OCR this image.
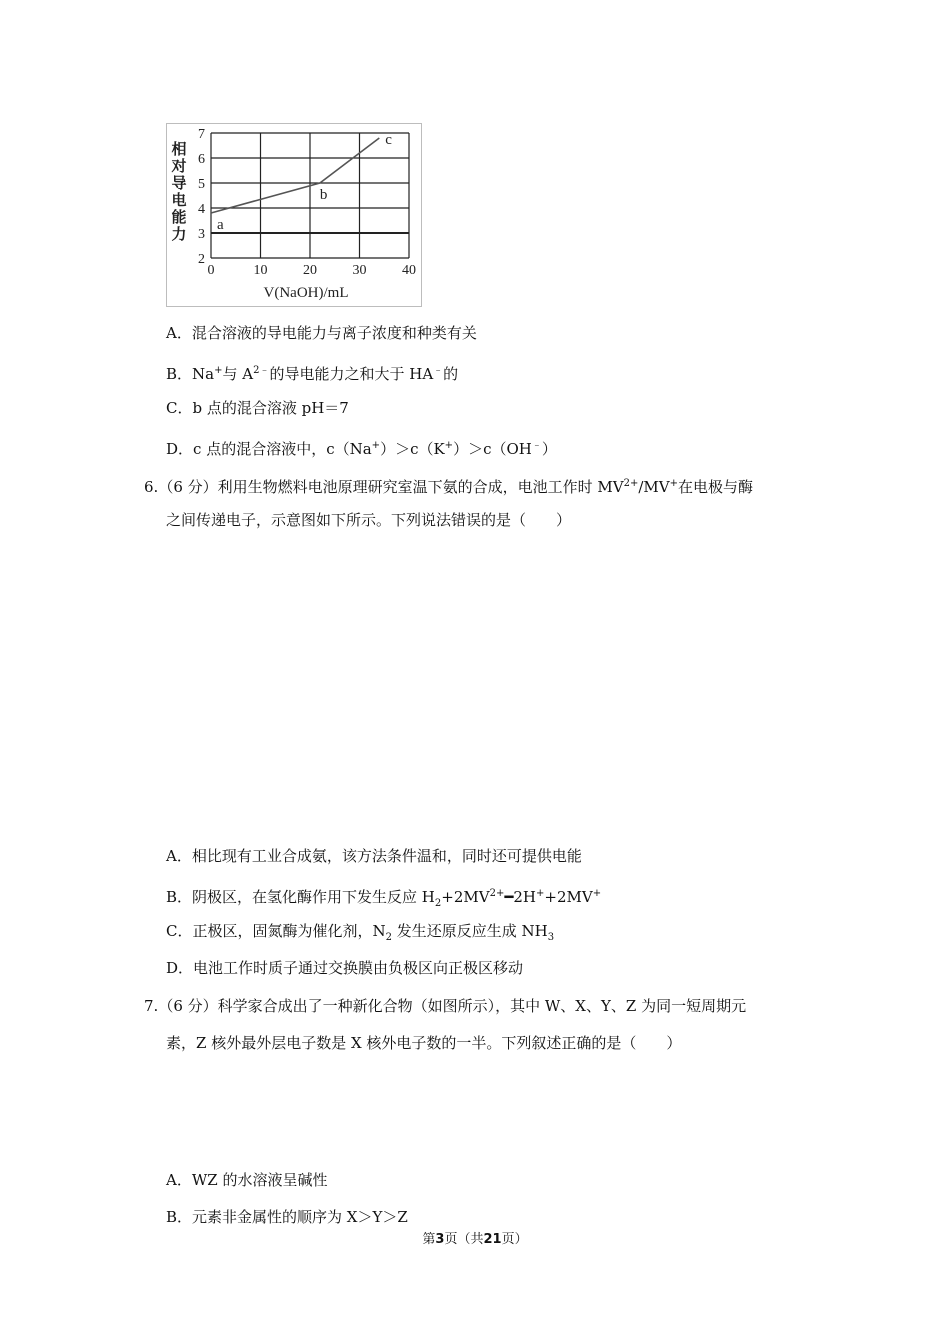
0	10	20	30	40
2
3
4
5
6
7
V(NaOH)/mL
相对导电能力 a
b
c
A．混合溶液的导电能力与离子浓度和种类有关
B．Na+与 $A^{2﹣}$的导电能力之和大于 HA﹣的
C．b 点的混合溶液 pH＝7
D．c 点的混合溶液中，c（Na+）＞c（K+）＞c（OH﹣）
6.（6 分）利用生物燃料电池原理研究室温下氨的合成，电池工作时 $MV^{2+}/MV^+$在电极与酶
之间传递电子，示意图如下所示。下列说法错误的是（　　）
A．相比现有工业合成氨，该方法条件温和，同时还可提供电能
B．阴极区，在氢化酶作用下发生反应 $H_2+2MV^{2+}━2H^++2MV^+$
C．正极区，固氮酶为催化剂，$N_2$ 发生还原反应生成 $NH_3$
D．电池工作时质子通过交换膜由负极区向正极区移动
7.（6 分）科学家合成出了一种新化合物（如图所示），其中 W、X、Y、Z 为同一短周期元
素，Z 核外最外层电子数是 X 核外电子数的一半。下列叙述正确的是（　　）
A．WZ 的水溶液呈碱性
B．元素非金属性的顺序为 X＞Y＞Z
第3页（共21页）
